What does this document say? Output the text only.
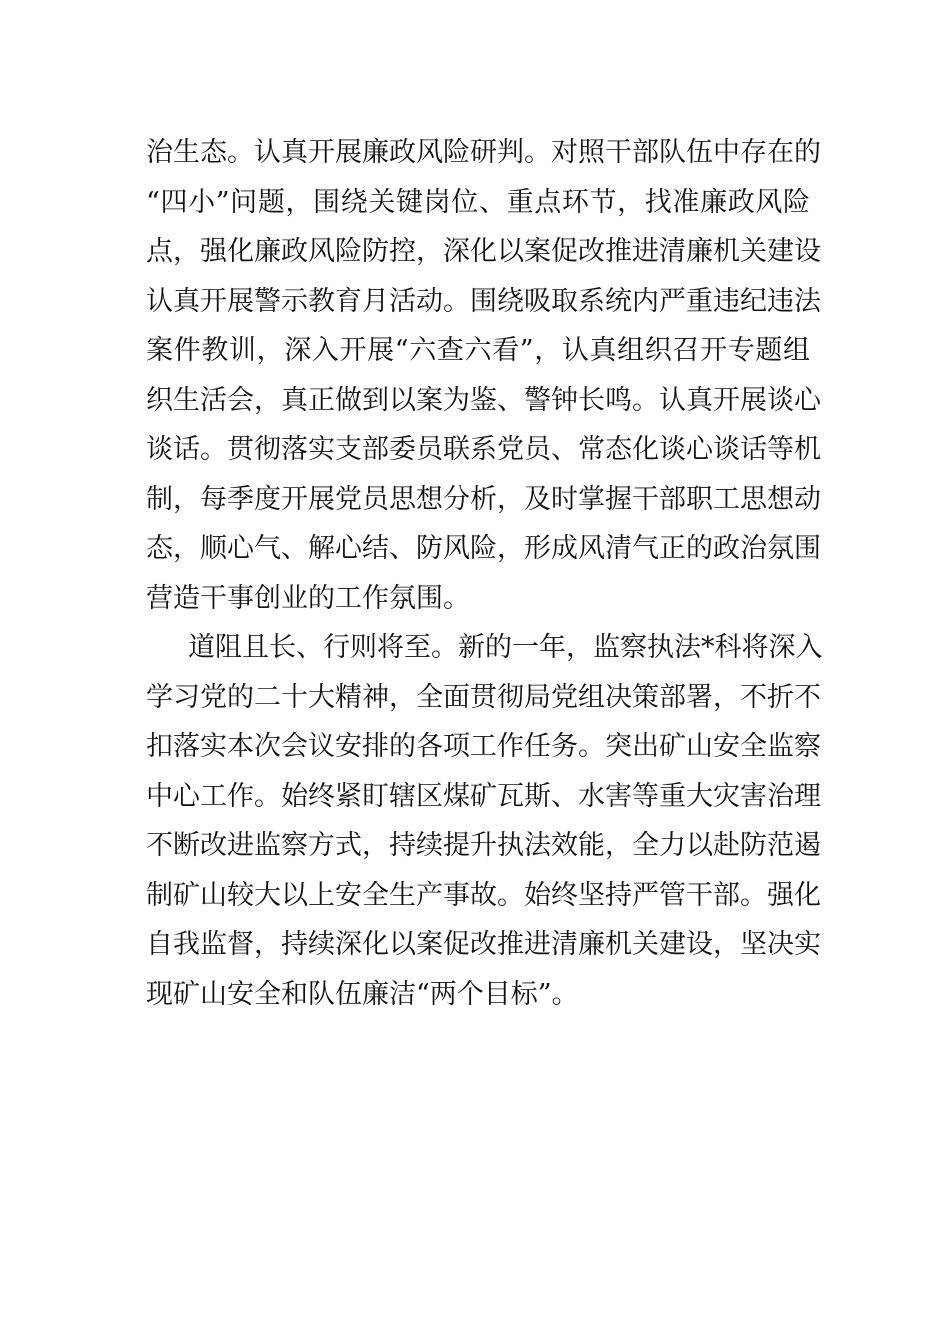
治生态。认真开展廉政风险研判。对照干部队伍中存在的
“四小”问题，围绕关键岗位、重点环节，找准廉政风险
点，强化廉政风险防控，深化以案促改推进清廉机关建设
认真开展警示教育月活动。围绕吸取系统内严重违纪违法
案件教训，深入开展“六查六看”，认真组织召开专题组
织生活会，真正做到以案为鉴、警钟长鸣。认真开展谈心
谈话。贯彻落实支部委员联系党员、常态化谈心谈话等机
制，每季度开展党员思想分析，及时掌握干部职工思想动
态，顺心气、解心结、防风险，形成风清气正的政治氛围
营造干事创业的工作氛围。
道阻且长、行则将至。新的一年，监察执法*科将深入
学习党的二十大精神，全面贯彻局党组决策部署，不折不
扣落实本次会议安排的各项工作任务。突出矿山安全监察
中心工作。始终紧盯辖区煤矿瓦斯、水害等重大灾害治理
不断改进监察方式，持续提升执法效能，全力以赴防范遏
制矿山较大以上安全生产事故。始终坚持严管干部。强化
自我监督，持续深化以案促改推进清廉机关建设，坚决实
现矿山安全和队伍廉洁“两个目标”。
